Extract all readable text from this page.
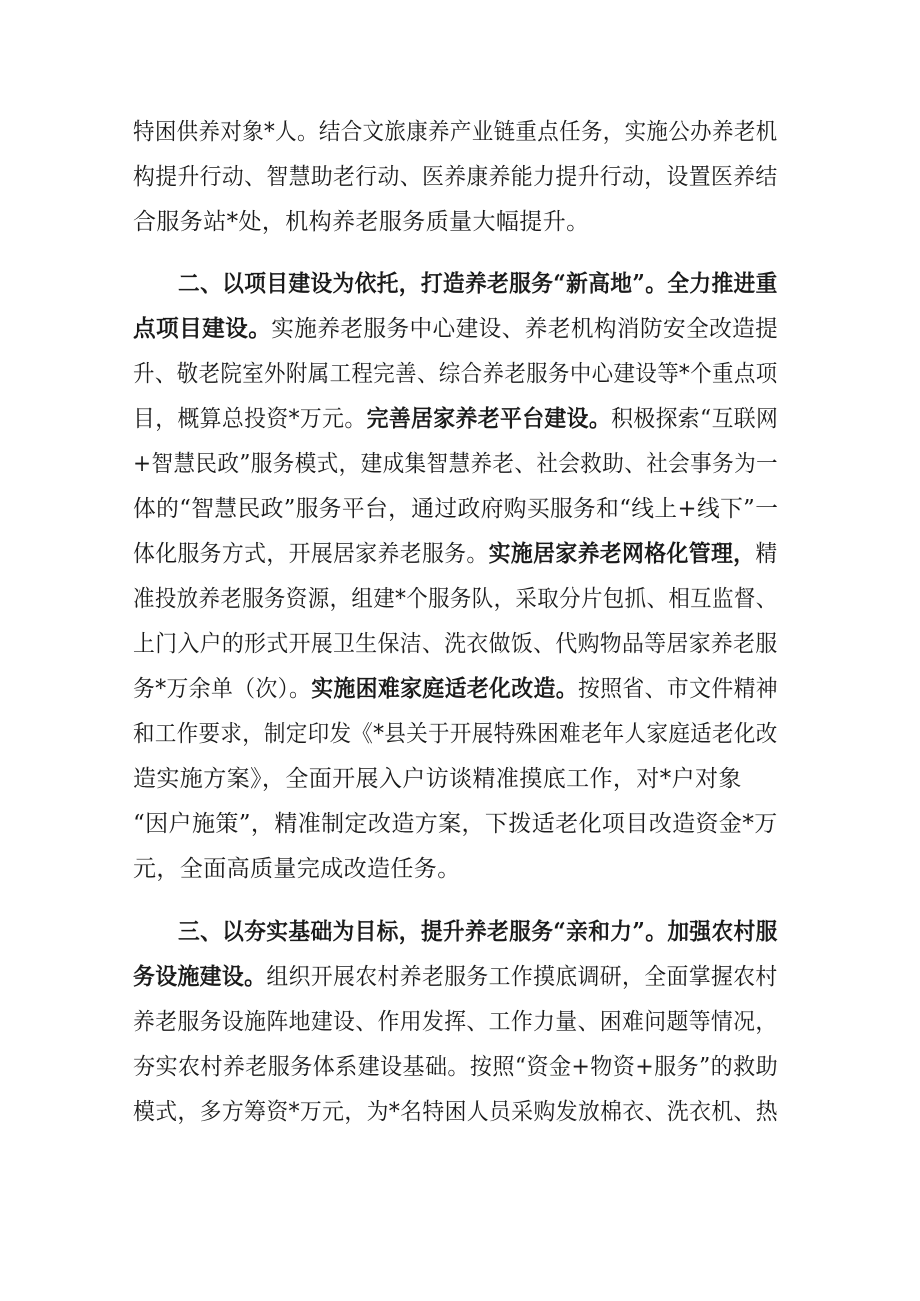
特困供养对象*人。结合文旅康养产业链重点任务，实施公办养老机
构提升行动、智慧助老行动、医养康养能力提升行动，设置医养结
合服务站*处，机构养老服务质量大幅提升。
二、以项目建设为依托，打造养老服务“新高地”。全力推进重
点项目建设。实施养老服务中心建设、养老机构消防安全改造提
升、敬老院室外附属工程完善、综合养老服务中心建设等*个重点项
目，概算总投资*万元。完善居家养老平台建设。积极探索“互联网
+智慧民政”服务模式，建成集智慧养老、社会救助、社会事务为一
体的“智慧民政”服务平台，通过政府购买服务和“线上+线下”一
体化服务方式，开展居家养老服务。实施居家养老网格化管理，精
准投放养老服务资源，组建*个服务队，采取分片包抓、相互监督、
上门入户的形式开展卫生保洁、洗衣做饭、代购物品等居家养老服
务*万余单（次）。实施困难家庭适老化改造。按照省、市文件精神
和工作要求，制定印发《*县关于开展特殊困难老年人家庭适老化改
造实施方案》，全面开展入户访谈精准摸底工作，对*户对象
“因户施策”，精准制定改造方案，下拨适老化项目改造资金*万
元，全面高质量完成改造任务。
三、以夯实基础为目标，提升养老服务“亲和力”。加强农村服
务设施建设。组织开展农村养老服务工作摸底调研，全面掌握农村
养老服务设施阵地建设、作用发挥、工作力量、困难问题等情况，
夯实农村养老服务体系建设基础。按照“资金+物资+服务”的救助
模式，多方筹资*万元，为*名特困人员采购发放棉衣、洗衣机、热
